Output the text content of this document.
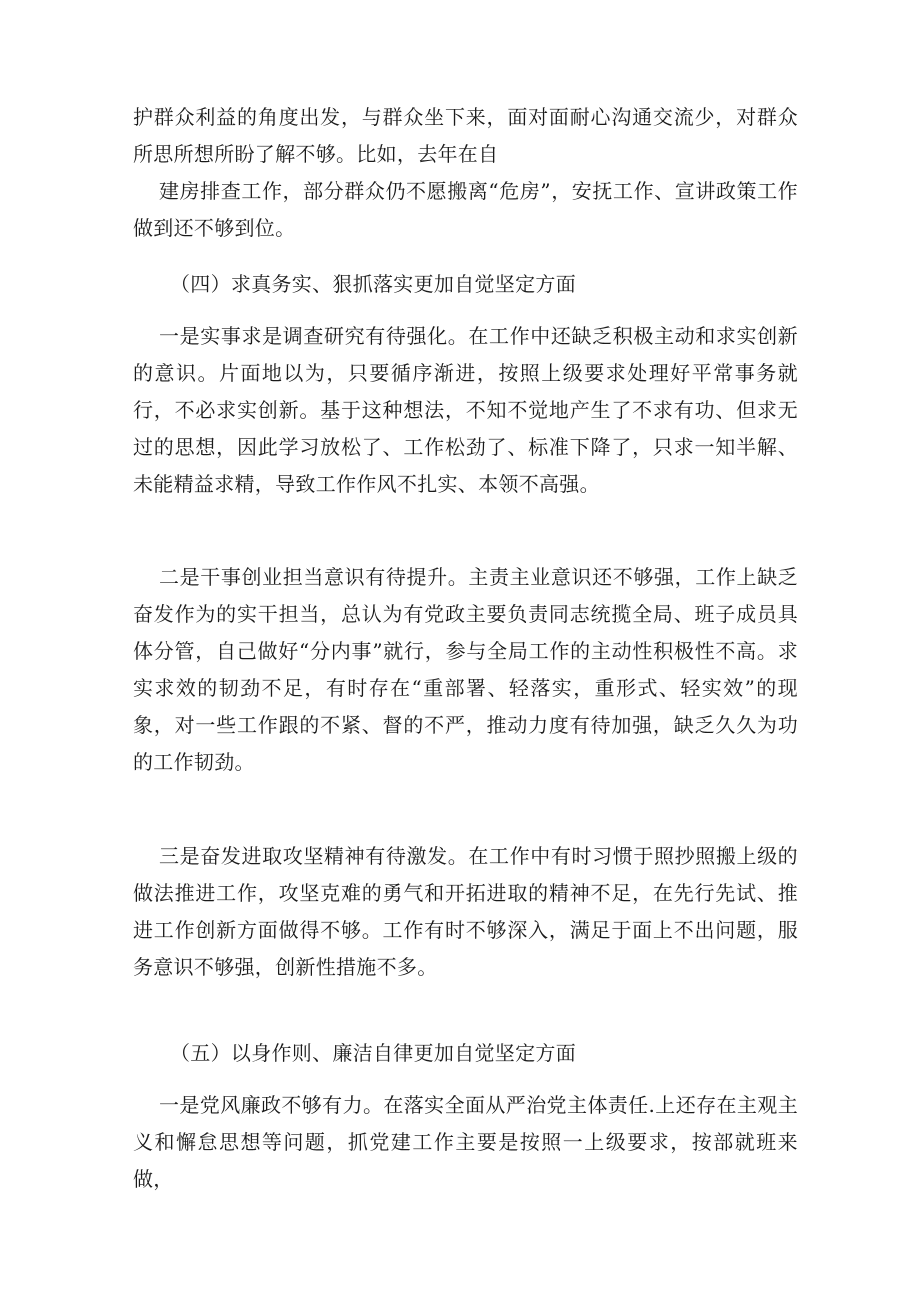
护群众利益的角度出发，与群众坐下来，面对面耐心沟通交流少，对群众所思所想所盼了解不够。比如，去年在自

建房排查工作，部分群众仍不愿搬离“危房”，安抚工作、宣讲政策工作做到还不够到位。

（四）求真务实、狠抓落实更加自觉坚定方面

一是实事求是调查研究有待强化。在工作中还缺乏积极主动和求实创新的意识。片面地以为，只要循序渐进，按照上级要求处理好平常事务就行，不必求实创新。基于这种想法，不知不觉地产生了不求有功、但求无过的思想，因此学习放松了、工作松劲了、标准下降了，只求一知半解、未能精益求精，导致工作作风不扎实、本领不高强。

二是干事创业担当意识有待提升。主责主业意识还不够强，工作上缺乏奋发作为的实干担当，总认为有党政主要负责同志统揽全局、班子成员具体分管，自己做好“分内事”就行，参与全局工作的主动性积极性不高。求实求效的韧劲不足，有时存在“重部署、轻落实，重形式、轻实效”的现象，对一些工作跟的不紧、督的不严，推动力度有待加强，缺乏久久为功的工作韧劲。

三是奋发进取攻坚精神有待激发。在工作中有时习惯于照抄照搬上级的做法推进工作，攻坚克难的勇气和开拓进取的精神不足，在先行先试、推进工作创新方面做得不够。工作有时不够深入，满足于面上不出问题，服务意识不够强，创新性措施不多。

（五）以身作则、廉洁自律更加自觉坚定方面

一是党风廉政不够有力。在落实全面从严治党主体责任.上还存在主观主义和懈怠思想等问题，抓党建工作主要是按照一上级要求，按部就班来做，
